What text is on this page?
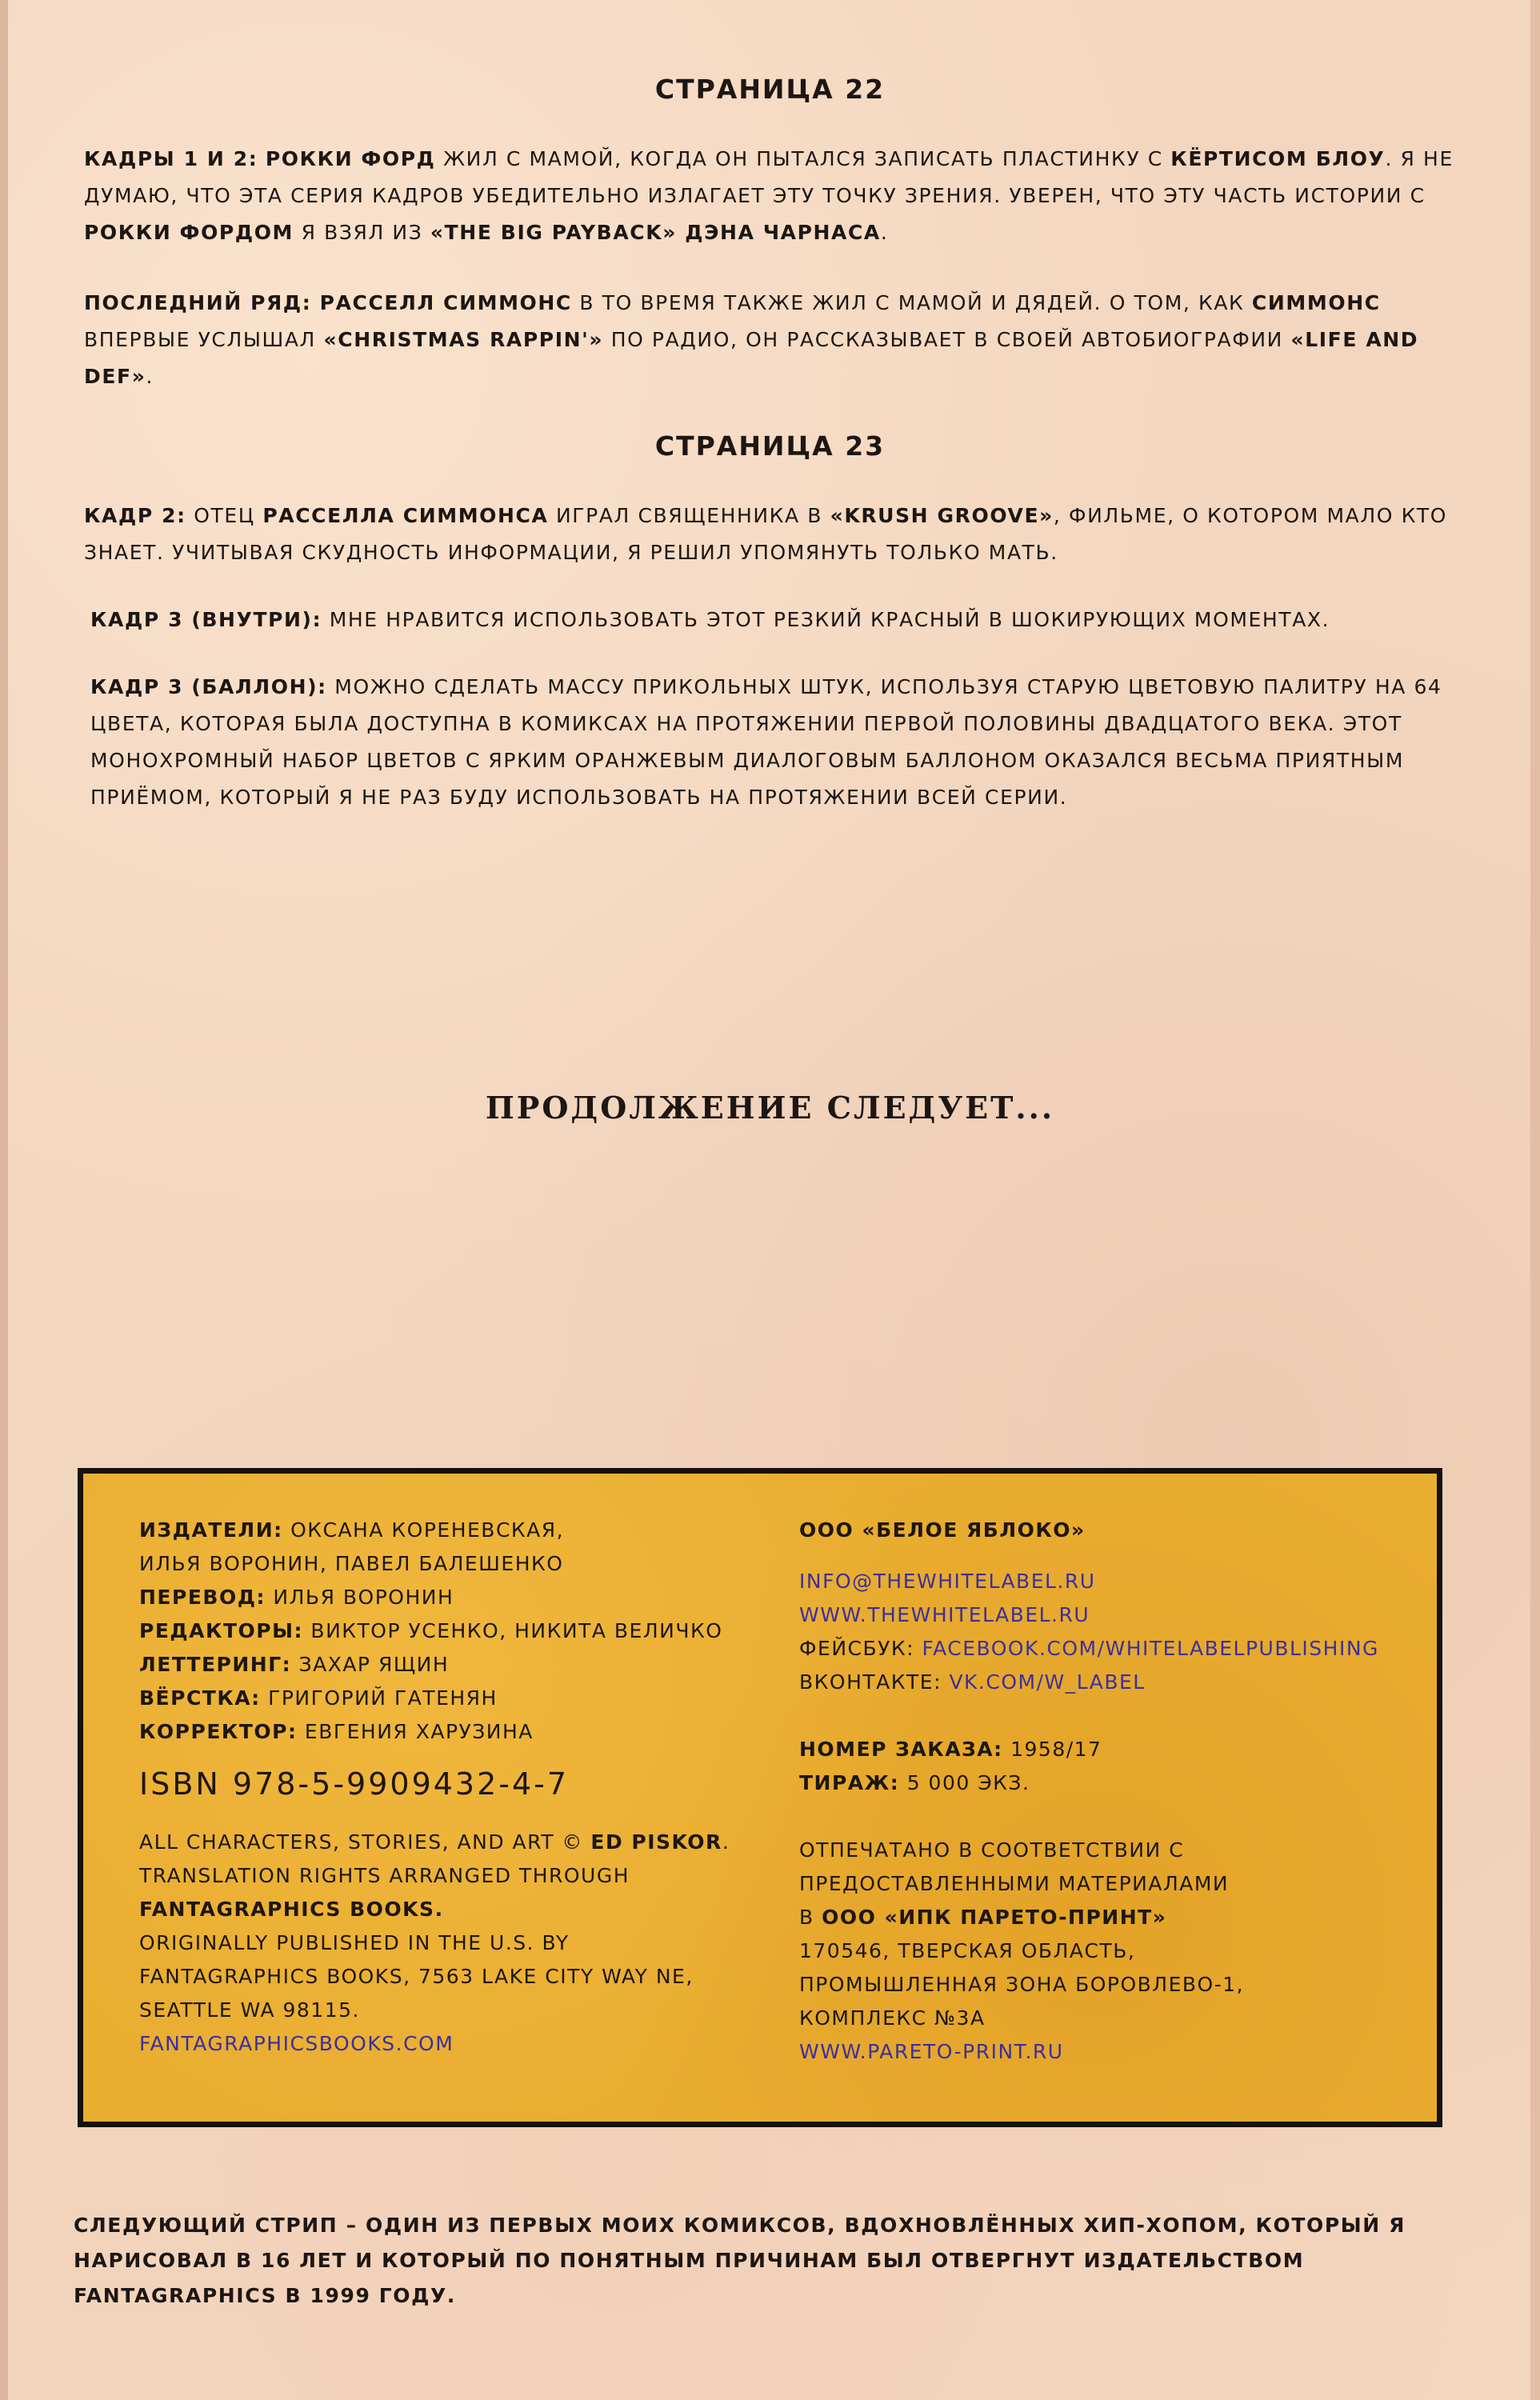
СТРАНИЦА 22
КАДРЫ 1 И 2: РОККИ ФОРД ЖИЛ С МАМОЙ, КОГДА ОН ПЫТАЛСЯ ЗАПИСАТЬ ПЛАСТИНКУ С КЁРТИСОМ БЛОУ. Я НЕ ДУМАЮ, ЧТО ЭТА СЕРИЯ КАДРОВ УБЕДИТЕЛЬНО ИЗЛАГАЕТ ЭТУ ТОЧКУ ЗРЕНИЯ. УВЕРЕН, ЧТО ЭТУ ЧАСТЬ ИСТОРИИ С РОККИ ФОРДОМ Я ВЗЯЛ ИЗ «THE BIG PAYBACK» ДЭНА ЧАРНАСА.
ПОСЛЕДНИЙ РЯД: РАССЕЛЛ СИММОНС В ТО ВРЕМЯ ТАКЖЕ ЖИЛ С МАМОЙ И ДЯДЕЙ. О ТОМ, КАК СИММОНС ВПЕРВЫЕ УСЛЫШАЛ «CHRISTMAS RAPPIN'» ПО РАДИО, ОН РАССКАЗЫВАЕТ В СВОЕЙ АВТОБИОГРАФИИ «LIFE AND DEF».
СТРАНИЦА 23
КАДР 2: ОТЕЦ РАССЕЛЛА СИММОНСА ИГРАЛ СВЯЩЕННИКА В «KRUSH GROOVE», ФИЛЬМЕ, О КОТОРОМ МАЛО КТО ЗНАЕТ. УЧИТЫВАЯ СКУДНОСТЬ ИНФОРМАЦИИ, Я РЕШИЛ УПОМЯНУТЬ ТОЛЬКО МАТЬ.
КАДР 3 (ВНУТРИ): МНЕ НРАВИТСЯ ИСПОЛЬЗОВАТЬ ЭТОТ РЕЗКИЙ КРАСНЫЙ В ШОКИРУЮЩИХ МОМЕНТАХ.
КАДР 3 (БАЛЛОН): МОЖНО СДЕЛАТЬ МАССУ ПРИКОЛЬНЫХ ШТУК, ИСПОЛЬЗУЯ СТАРУЮ ЦВЕТОВУЮ ПАЛИТРУ НА 64 ЦВЕТА, КОТОРАЯ БЫЛА ДОСТУПНА В КОМИКСАХ НА ПРОТЯЖЕНИИ ПЕРВОЙ ПОЛОВИНЫ ДВАДЦАТОГО ВЕКА. ЭТОТ МОНОХРОМНЫЙ НАБОР ЦВЕТОВ С ЯРКИМ ОРАНЖЕВЫМ ДИАЛОГОВЫМ БАЛЛОНОМ ОКАЗАЛСЯ ВЕСЬМА ПРИЯТНЫМ ПРИЁМОМ, КОТОРЫЙ Я НЕ РАЗ БУДУ ИСПОЛЬЗОВАТЬ НА ПРОТЯЖЕНИИ ВСЕЙ СЕРИИ.
ПРОДОЛЖЕНИЕ СЛЕДУЕТ...
ИЗДАТЕЛИ: ОКСАНА КОРЕНЕВСКАЯ,
ИЛЬЯ ВОРОНИН, ПАВЕЛ БАЛЕШЕНКО
ПЕРЕВОД: ИЛЬЯ ВОРОНИН
РЕДАКТОРЫ: ВИКТОР УСЕНКО, НИКИТА ВЕЛИЧКО
ЛЕТТЕРИНГ: ЗАХАР ЯЩИН
ВЁРСТКА: ГРИГОРИЙ ГАТЕНЯН
КОРРЕКТОР: ЕВГЕНИЯ ХАРУЗИНА
ISBN 978-5-9909432-4-7
ALL CHARACTERS, STORIES, AND ART © ED PISKOR.
TRANSLATION RIGHTS ARRANGED THROUGH
FANTAGRAPHICS BOOKS.
ORIGINALLY PUBLISHED IN THE U.S. BY
FANTAGRAPHICS BOOKS, 7563 LAKE CITY WAY NE,
SEATTLE WA 98115.
FANTAGRAPHICSBOOKS.COM
ООО «БЕЛОЕ ЯБЛОКО»
INFO@THEWHITELABEL.RU
WWW.THEWHITELABEL.RU
ФЕЙСБУК: FACEBOOK.COM/WHITELABELPUBLISHING
ВКОНТАКТЕ: VK.COM/W_LABEL
НОМЕР ЗАКАЗА: 1958/17
ТИРАЖ: 5 000 ЭКЗ.
ОТПЕЧАТАНО В СООТВЕТСТВИИ С
ПРЕДОСТАВЛЕННЫМИ МАТЕРИАЛАМИ
В ООО «ИПК ПАРЕТО-ПРИНТ»
170546, ТВЕРСКАЯ ОБЛАСТЬ,
ПРОМЫШЛЕННАЯ ЗОНА БОРОВЛЕВО-1,
КОМПЛЕКС №3А
WWW.PARETO-PRINT.RU
СЛЕДУЮЩИЙ СТРИП – ОДИН ИЗ ПЕРВЫХ МОИХ КОМИКСОВ, ВДОХНОВЛЁННЫХ ХИП-ХОПОМ, КОТОРЫЙ Я НАРИСОВАЛ В 16 ЛЕТ И КОТОРЫЙ ПО ПОНЯТНЫМ ПРИЧИНАМ БЫЛ ОТВЕРГНУТ ИЗДАТЕЛЬСТВОМ FANTAGRAPHICS В 1999 ГОДУ.
